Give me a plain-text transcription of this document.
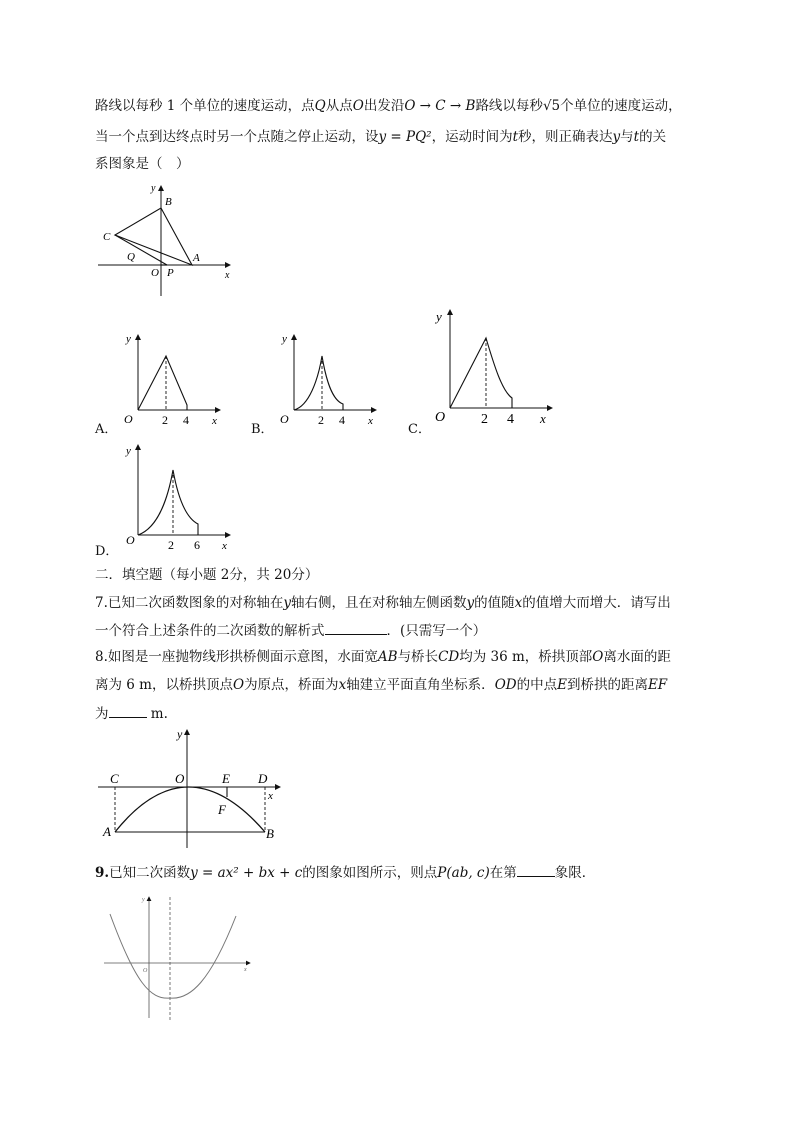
路线以每秒 1 个单位的速度运动，点Q从点O出发沿O → C → B路线以每秒√5个单位的速度运动，
当一个点到达终点时另一个点随之停止运动，设y = PQ²，运动时间为t秒，则正确表达y与t的关
系图象是（　）
y
x
B
C
Q
O P
A
A．	B．	C．
D．
y
O 2 4 x
y
O 2 4 x
y
O	2 4 x
y
O	2 6 x
二．填空题（每小题 2分，共 20分）
7.已知二次函数图象的对称轴在y轴右侧，且在对称轴左侧函数y的值随x的值增大而增大．请写出
一个符合上述条件的二次函数的解析式	．(只需写一个）
8.如图是一座抛物线形拱桥侧面示意图，水面宽AB与桥长CD均为 36 m，桥拱顶部O离水面的距
离为 6 m，以桥拱顶点O为原点，桥面为x轴建立平面直角坐标系．OD的中点E到桥拱的距离EF
为	m.
y
x
C	O	E D
F
A	B
9.已知二次函数y = ax² + bx + c的图象如图所示，则点P(ab, c)在第	象限．
y
x
O
